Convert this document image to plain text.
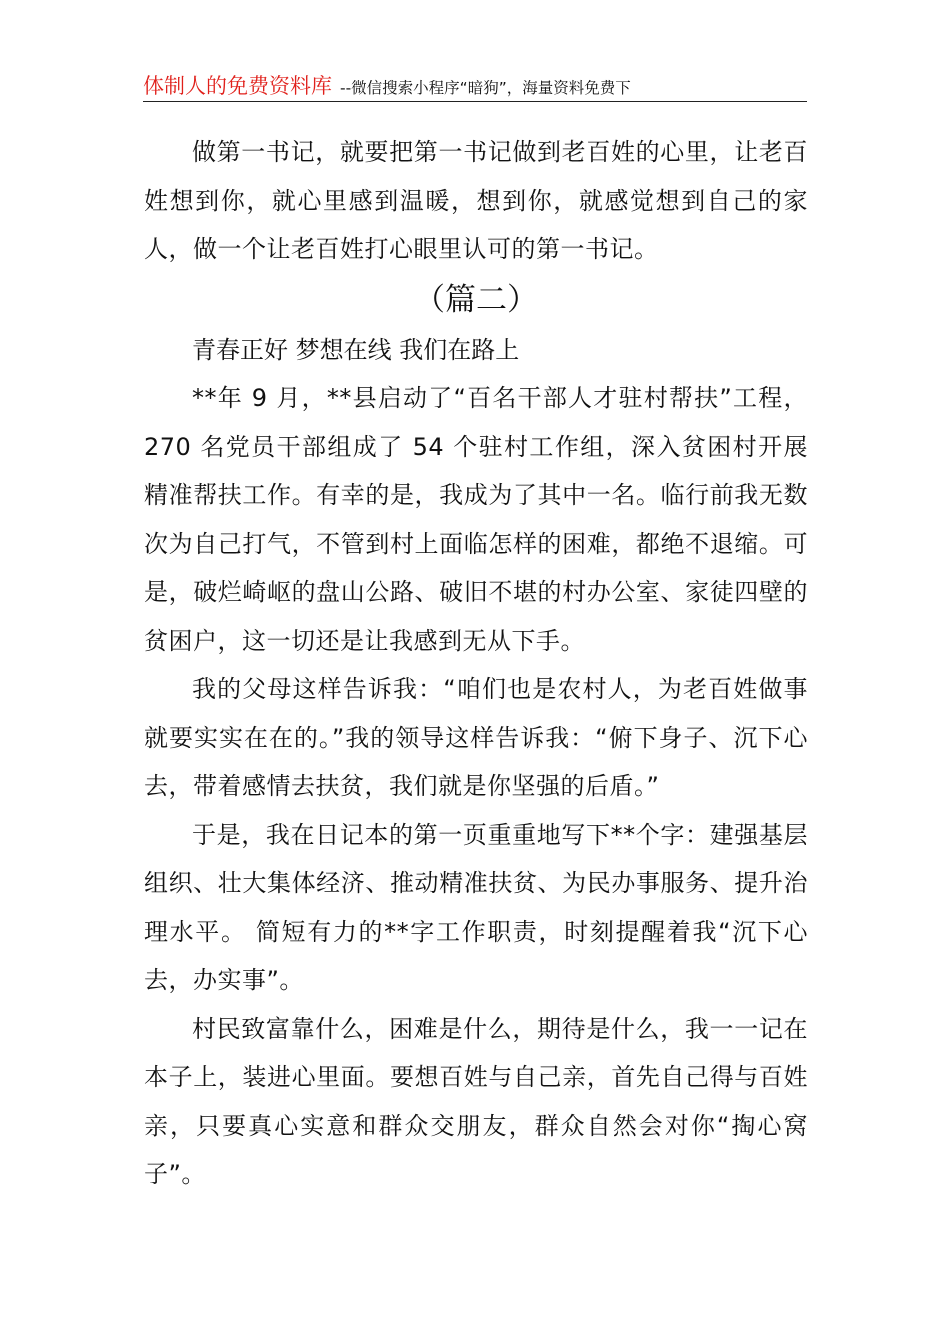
体制人的免费资料库 --微信搜索小程序“暗狗”，海量资料免费下

做第一书记，就要把第一书记做到老百姓的心里，让老百姓想到你，就心里感到温暖，想到你，就感觉想到自己的家人，做一个让老百姓打心眼里认可的第一书记。

（篇二）

青春正好 梦想在线 我们在路上

**年 9 月，**县启动了“百名干部人才驻村帮扶”工程，270 名党员干部组成了 54 个驻村工作组，深入贫困村开展精准帮扶工作。有幸的是，我成为了其中一名。临行前我无数次为自己打气，不管到村上面临怎样的困难，都绝不退缩。可是，破烂崎岖的盘山公路、破旧不堪的村办公室、家徒四壁的贫困户，这一切还是让我感到无从下手。

我的父母这样告诉我：“咱们也是农村人，为老百姓做事就要实实在在的。”我的领导这样告诉我：“俯下身子、沉下心去，带着感情去扶贫，我们就是你坚强的后盾。”

于是，我在日记本的第一页重重地写下**个字：建强基层组织、壮大集体经济、推动精准扶贫、为民办事服务、提升治理水平。 简短有力的**字工作职责，时刻提醒着我“沉下心去，办实事”。

村民致富靠什么，困难是什么，期待是什么，我一一记在本子上，装进心里面。要想百姓与自己亲，首先自己得与百姓亲，只要真心实意和群众交朋友，群众自然会对你“掏心窝子”。
